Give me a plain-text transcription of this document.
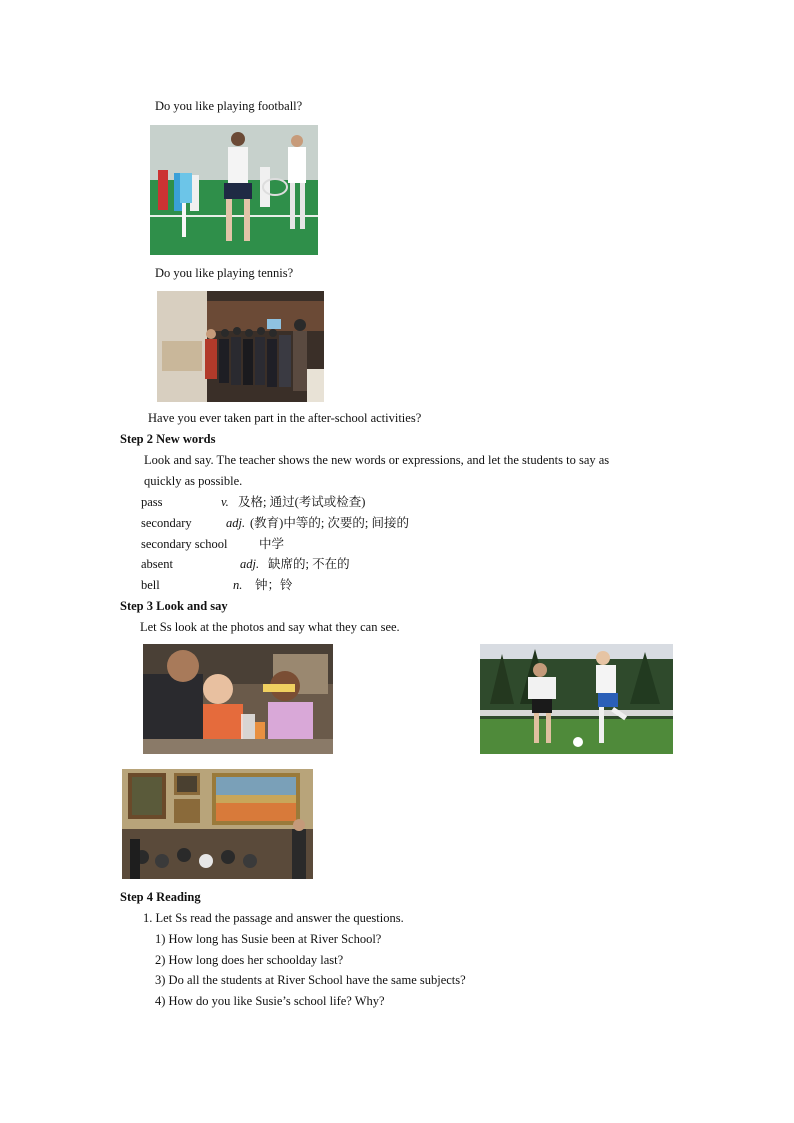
Do you like playing football?
Do you like playing tennis?
Have you ever taken part in the after-school activities?
Step 2 New words
Look and say. The teacher shows the new words or expressions, and let the students to say as
quickly as possible.
pass	v. 及格; 通过(考试或检查)
secondary	adj. (教育)中等的; 次要的; 间接的
secondary school	中学
absent	adj. 缺席的; 不在的
bell	n. 钟；铃
Step 3 Look and say
Let Ss look at the photos and say what they can see.
Step 4 Reading
1. Let Ss read the passage and answer the questions.
1) How long has Susie been at River School?
2) How long does her schoolday last?
3) Do all the students at River School have the same subjects?
4) How do you like Susie’s school life? Why?
